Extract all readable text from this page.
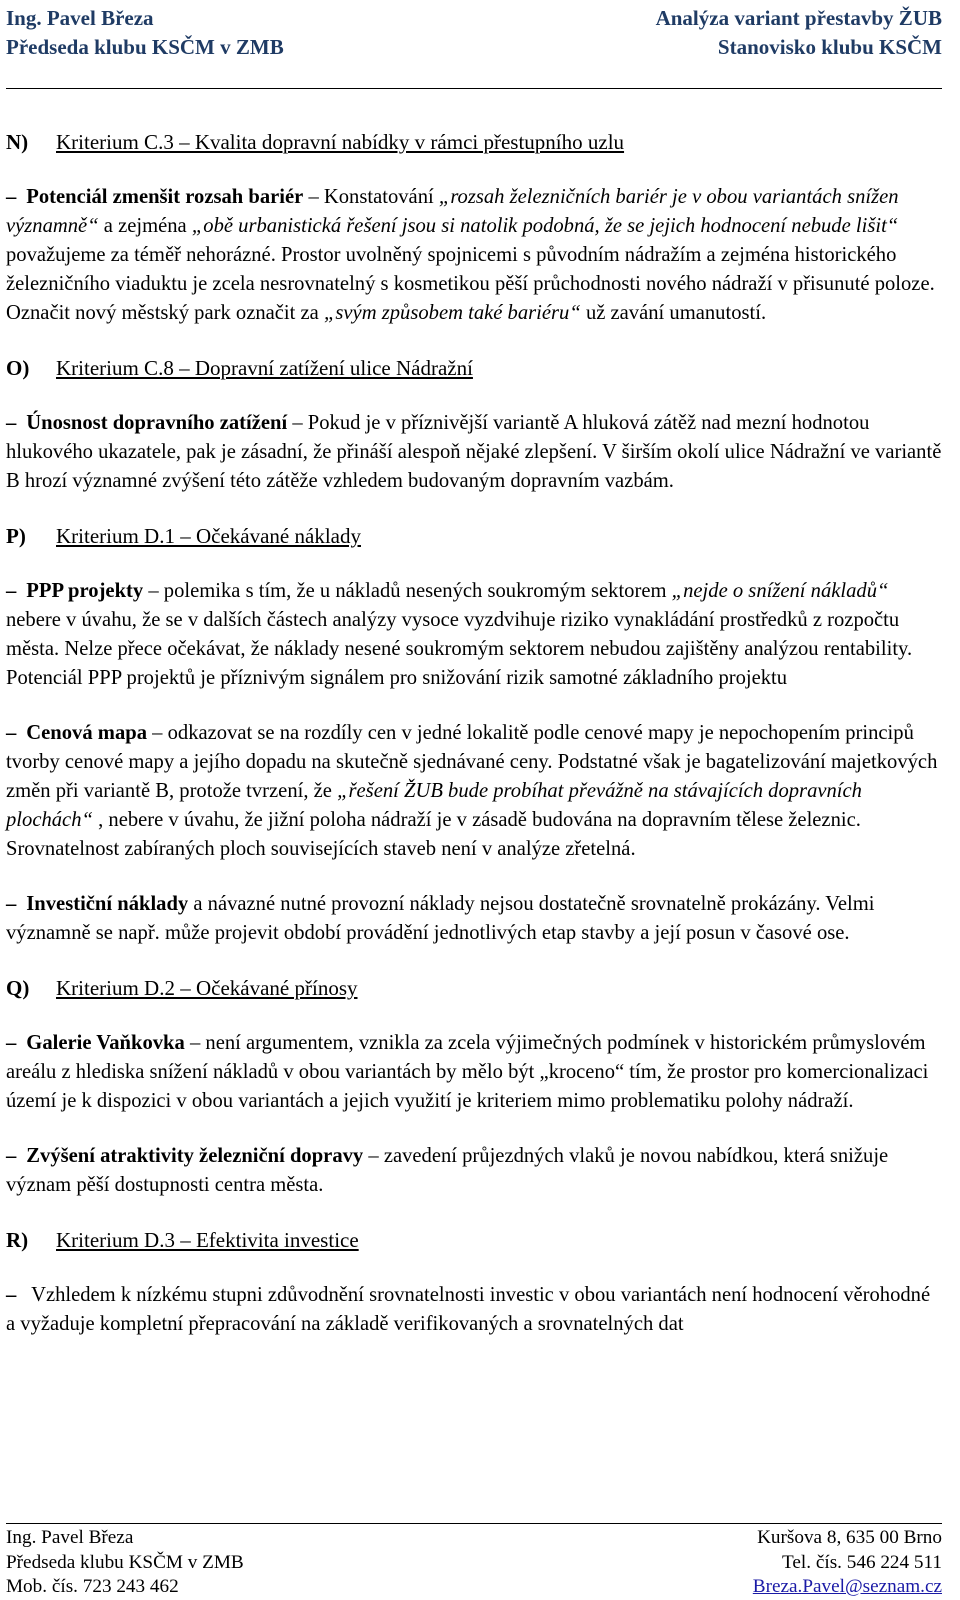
Ing. Pavel Březa
Předseda klubu KSČM v ZMB
Analýza variant přestavby ŽUB
Stanovisko klubu KSČM
N)	Kriterium C.3 – Kvalita dopravní nabídky v rámci přestupního uzlu
– Potenciál zmenšit rozsah bariér – Konstatování „rozsah železničních bariér je v obou variantách snížen významně“ a zejména „obě urbanistická řešení jsou si natolik podobná, že se jejich hodnocení nebude lišit“ považujeme za téměř nehorázné. Prostor uvolněný spojnicemi s původním nádražím a zejména historického železničního viaduktu je zcela nesrovnatelný s kosmetikou pěší průchodnosti nového nádraží v přisunuté poloze. Označit nový městský park označit za „svým způsobem také bariéru“ už zavání umanutostí.
O)	Kriterium C.8 – Dopravní zatížení ulice Nádražní
– Únosnost dopravního zatížení – Pokud je v příznivější variantě A hluková zátěž nad mezní hodnotou hlukového ukazatele, pak je zásadní, že přináší alespoň nějaké zlepšení. V širším okolí ulice Nádražní ve variantě B hrozí významné zvýšení této zátěže vzhledem budovaným dopravním vazbám.
P)	Kriterium D.1 – Očekávané náklady
– PPP projekty – polemika s tím, že u nákladů nesených soukromým sektorem „nejde o snížení nákladů“ nebere v úvahu, že se v dalších částech analýzy vysoce vyzdvihuje riziko vynakládání prostředků z rozpočtu města. Nelze přece očekávat, že náklady nesené soukromým sektorem nebudou zajištěny analýzou rentability. Potenciál PPP projektů je příznivým signálem pro snižování rizik samotné základního projektu
– Cenová mapa – odkazovat se na rozdíly cen v jedné lokalitě podle cenové mapy je nepochopením principů tvorby cenové mapy a jejího dopadu na skutečně sjednávané ceny. Podstatné však je bagatelizování majetkových změn při variantě B, protože tvrzení, že „řešení ŽUB bude probíhat převážně na stávajících dopravních plochách“ , nebere v úvahu, že jižní poloha nádraží je v zásadě budována na dopravním tělese železnic. Srovnatelnost zabíraných ploch souvisejících staveb není v analýze zřetelná.
– Investiční náklady a návazné nutné provozní náklady nejsou dostatečně srovnatelně prokázány. Velmi významně se např. může projevit období provádění jednotlivých etap stavby a její posun v časové ose.
Q)	Kriterium D.2 – Očekávané přínosy
– Galerie Vaňkovka – není argumentem, vznikla za zcela výjimečných podmínek v historickém průmyslovém areálu z hlediska snížení nákladů v obou variantách by mělo být „kroceno“ tím, že prostor pro komercionalizaci území je k dispozici v obou variantách a jejich využití je kriteriem mimo problematiku polohy nádraží.
– Zvýšení atraktivity železniční dopravy – zavedení průjezdných vlaků je novou nabídkou, která snižuje význam pěší dostupnosti centra města.
R)	Kriterium D.3 – Efektivita investice
– Vzhledem k nízkému stupni zdůvodnění srovnatelnosti investic v obou variantách není hodnocení věrohodné a vyžaduje kompletní přepracování na základě verifikovaných a srovnatelných dat
Ing. Pavel Březa
Předseda klubu KSČM v ZMB
Mob. čís. 723 243 462
Kuršova 8, 635 00 Brno
Tel. čís. 546 224 511
Breza.Pavel@seznam.cz
